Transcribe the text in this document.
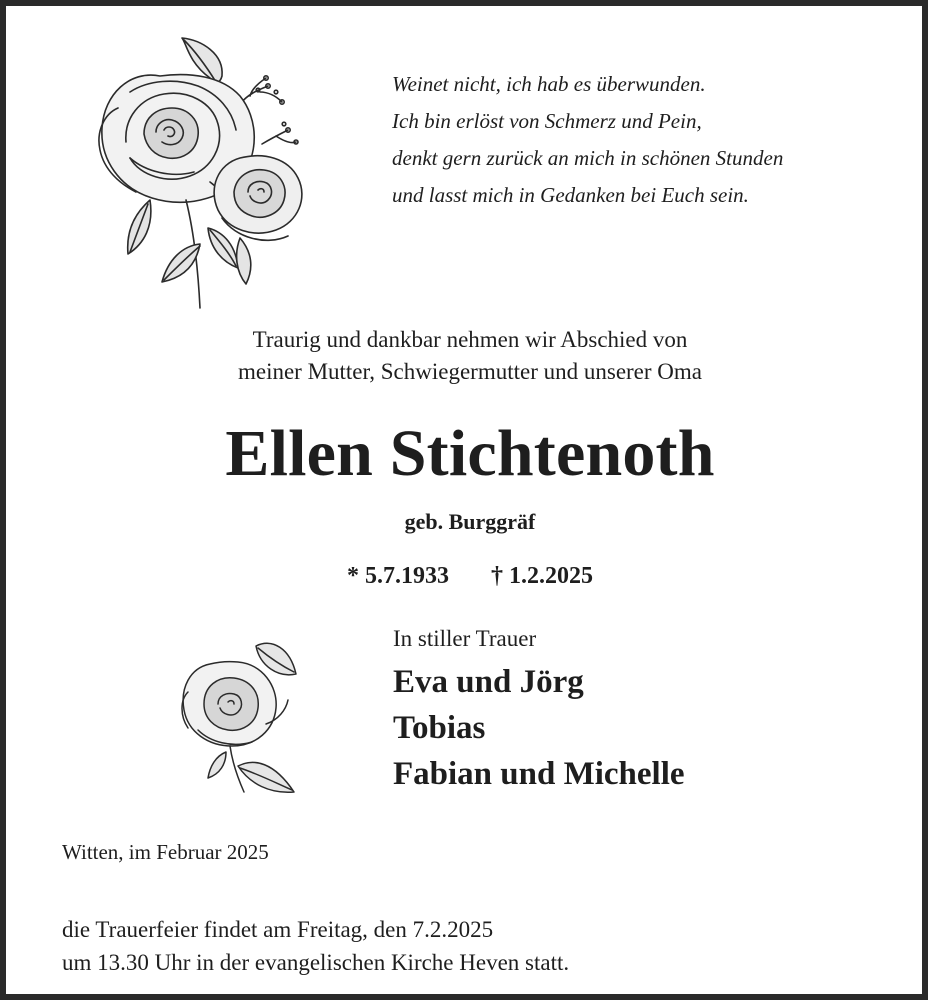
Weinet nicht, ich hab es überwunden.
Ich bin erlöst von Schmerz und Pein,
denkt gern zurück an mich in schönen Stunden
und lasst mich in Gedanken bei Euch sein.
Traurig und dankbar nehmen wir Abschied von
meiner Mutter, Schwiegermutter und unserer Oma
Ellen Stichtenoth
geb. Burggräf
* 5.7.1933 † 1.2.2025
In stiller Trauer
Eva und Jörg
Tobias
Fabian und Michelle
Witten, im Februar 2025
die Trauerfeier findet am Freitag, den 7.2.2025
um 13.30 Uhr in der evangelischen Kirche Heven statt.
